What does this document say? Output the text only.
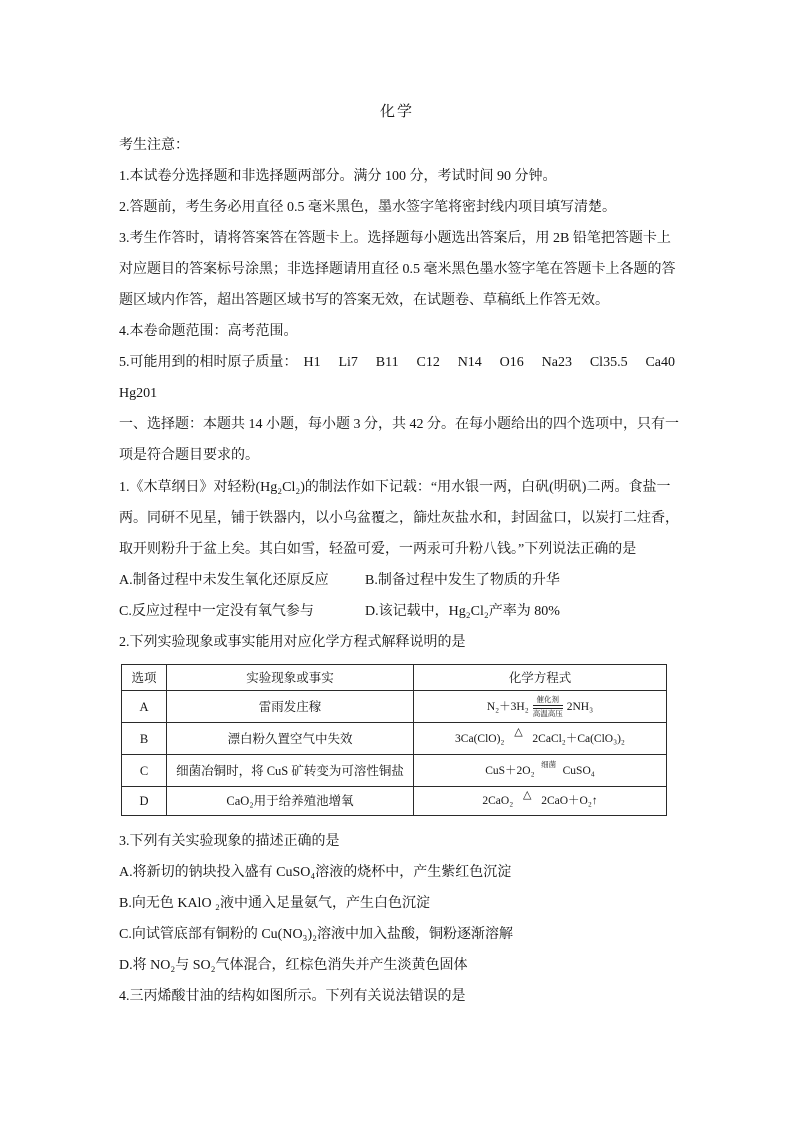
化学
考生注意：
1.本试卷分选择题和非选择题两部分。满分 100 分，考试时间 90 分钟。
2.答题前，考生务必用直径 0.5 毫米黑色，墨水签字笔将密封线内项目填写清楚。
3.考生作答时，请将答案答在答题卡上。选择题每小题选出答案后，用 2B 铅笔把答题卡上
对应题目的答案标号涂黑；非选择题请用直径 0.5 毫米黑色墨水签字笔在答题卡上各题的答
题区域内作答，超出答题区域书写的答案无效，在试题卷、草稿纸上作答无效。
4.本卷命题范围：高考范围。
5.可能用到的相时原子质量： H1 Li7 B11 C12 N14 O16 Na23 Cl35.5 Ca40
Hg201
一、选择题：本题共 14 小题，每小题 3 分，共 42 分。在每小题给出的四个选项中，只有一
项是符合题目要求的。
1.《木草纲日》对轻粉(Hg₂Cl₂)的制法作如下记载：“用水银一两，白矾(明矾)二两。食盐一
两。同研不见星，铺于铁器内，以小乌盆覆之，篩灶灰盐水和，封固盆口，以炭打二炷香，
取开则粉升于盆上矣。其白如雪，轻盈可爱，一两汞可升粉八钱。”下列说法正确的是
A.制备过程中未发生氧化还原反应	B.制备过程中发生了物质的升华
C.反应过程中一定没有氧气参与	D.该记载中，Hg₂Cl₂产率为 80%
2.下列实验现象或事实能用对应化学方程式解释说明的是
选项	实验现象或事实	化学方程式
A	雷雨发庄稼	N₂＋3H₂
催化剂
高温高压
2NH₃

B	漂白粉久置空气中失效	3Ca(ClO)₂
△
2CaCl₂＋Ca(ClO₃)₂

C	细菌冶铜时，将 CuS 矿转变为可溶性铜盐	CuS＋2O₂
细菌
CuSO₄

D	CaO₂用于给养殖池增氧	2CaO₂
△
2CaO＋O₂↑
3.下列有关实验现象的描述正确的是
A.将新切的钠块投入盛有 CuSO₄溶液的烧杯中，产生紫红色沉淀
B.向无色 KAlO ₂液中通入足量氨气，产生白色沉淀
C.向试管底部有铜粉的 Cu(NO₃)₂溶液中加入盐酸，铜粉逐渐溶解
D.将 NO₂与 SO₂气体混合，红棕色消失并产生淡黄色固体
4.三丙烯酸甘油的结构如图所示。下列有关说法错误的是
